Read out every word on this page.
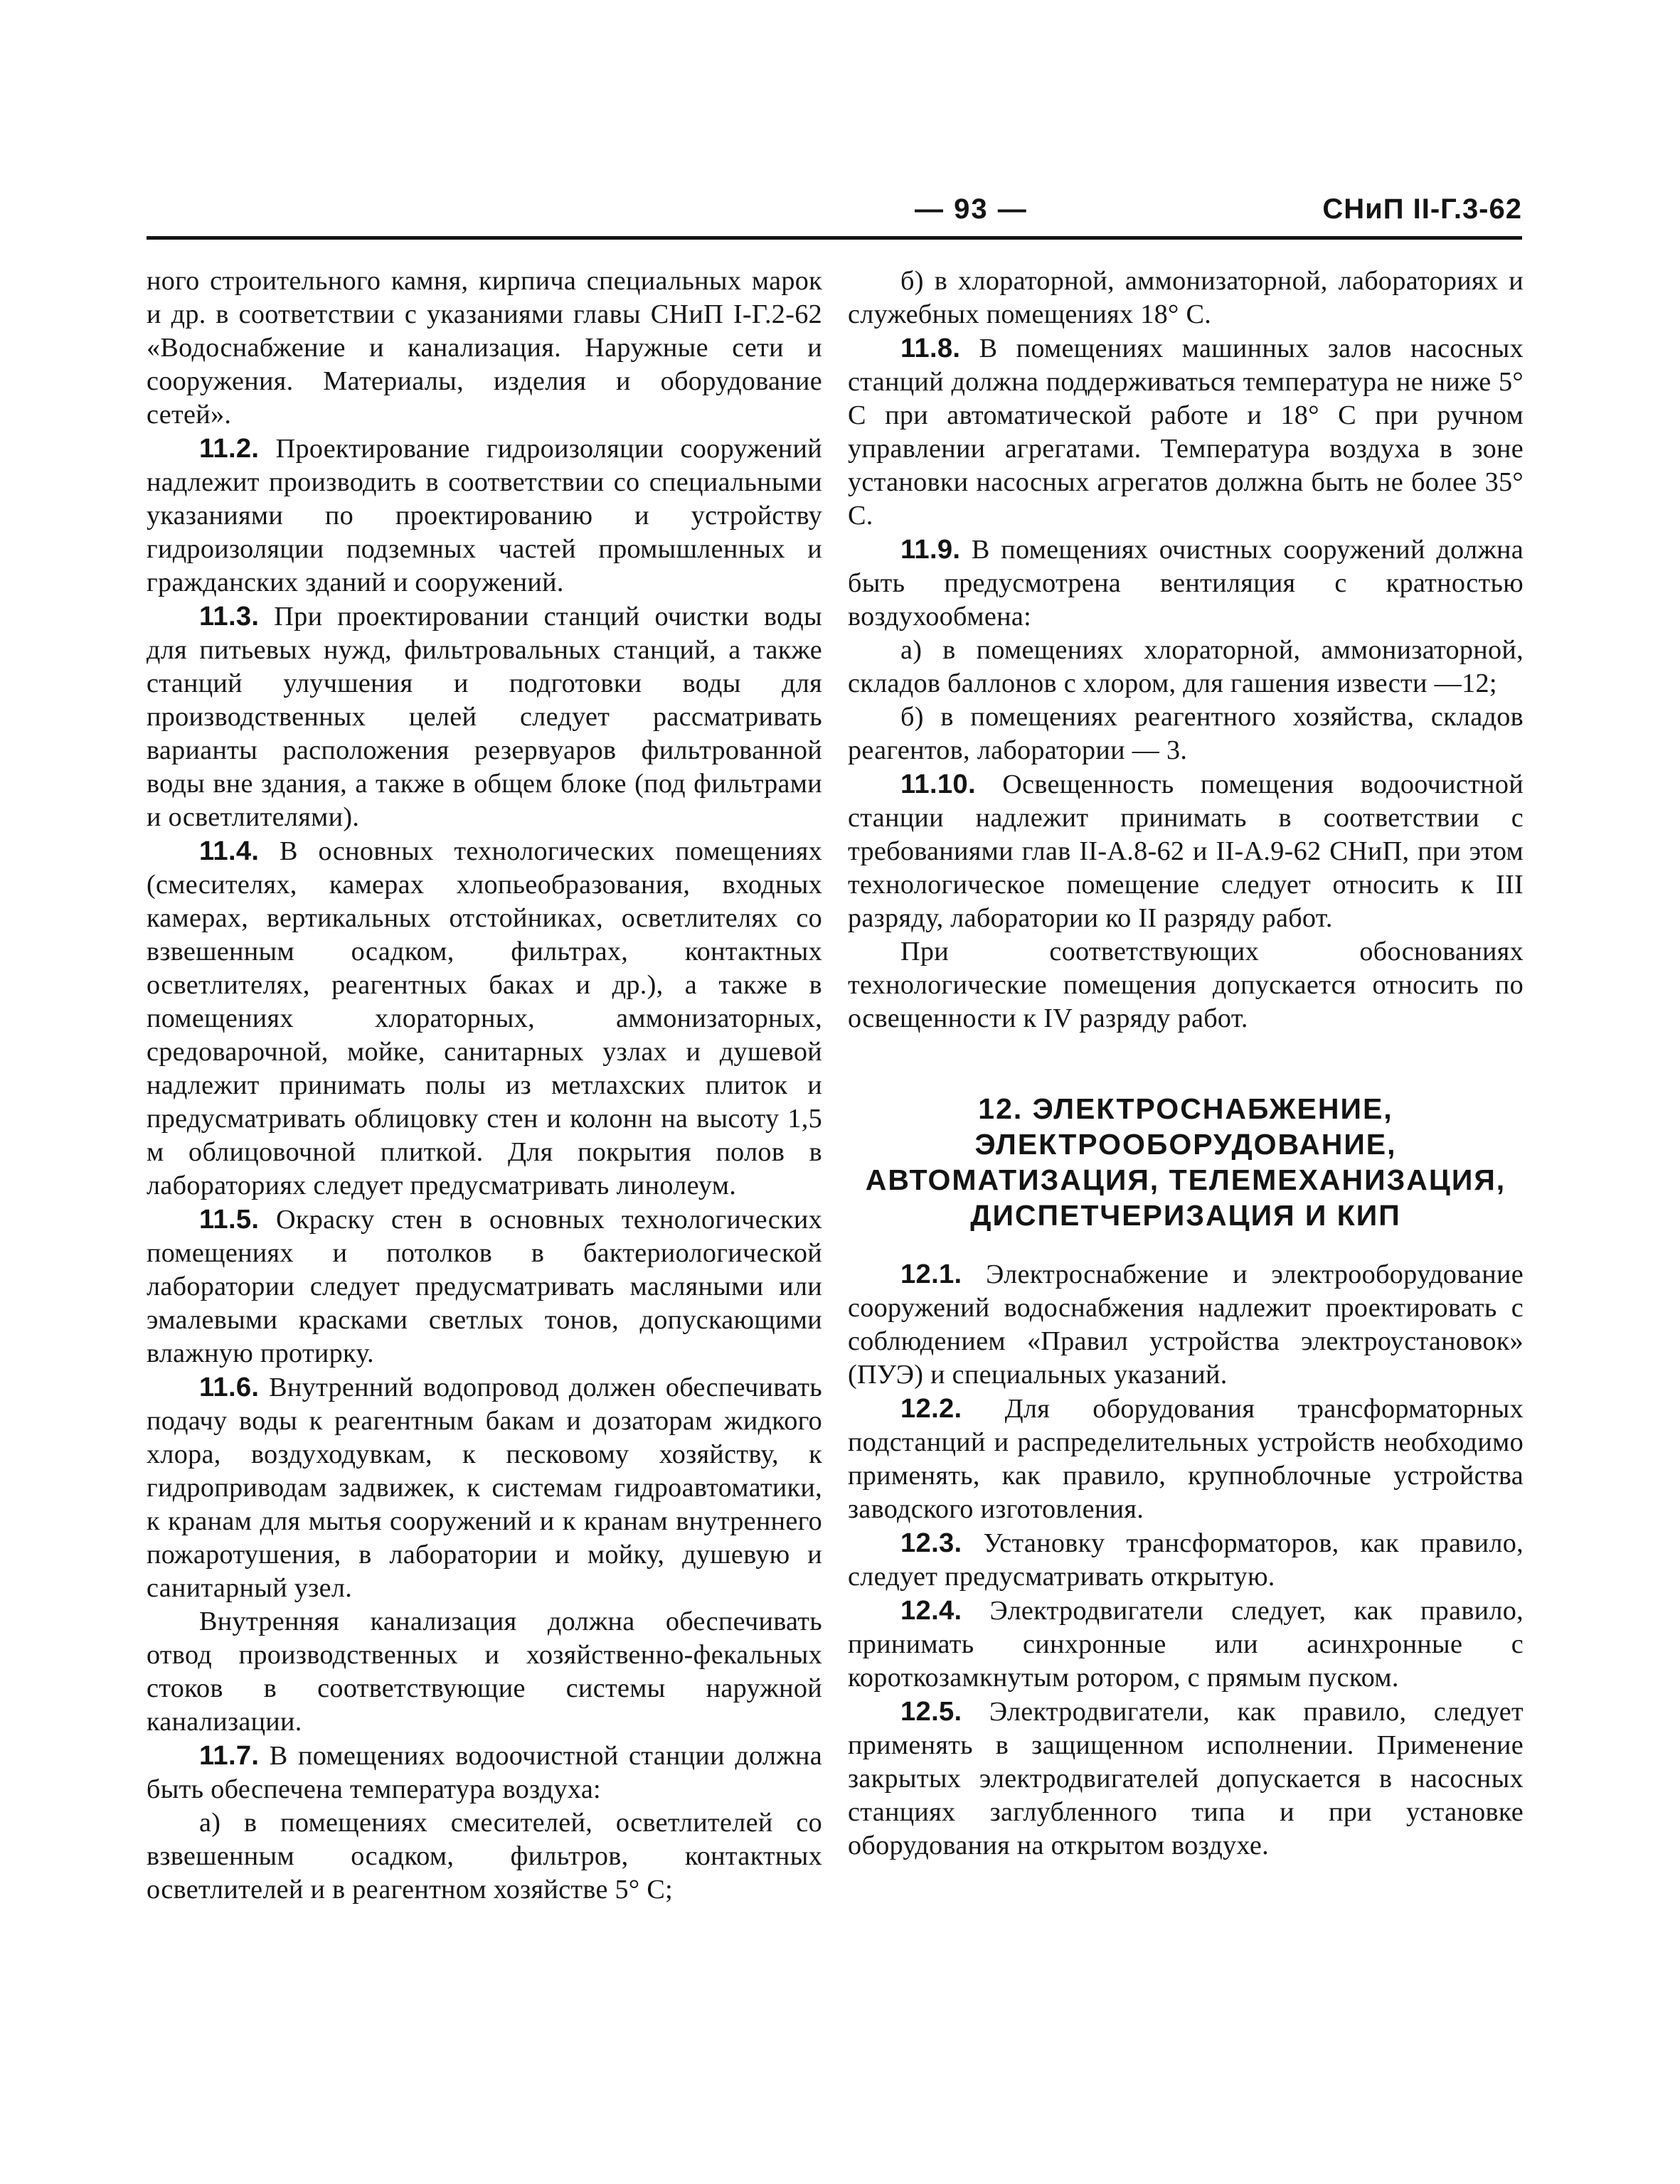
— 93 —	СНиП II-Г.3-62

ного строительного камня, кирпича специальных марок и др. в соответствии с указаниями главы СНиП I-Г.2-62 «Водоснабжение и канализация. Наружные сети и сооружения. Материалы, изделия и оборудование сетей».

11.2. Проектирование гидроизоляции сооружений надлежит производить в соответствии со специальными указаниями по проектированию и устройству гидроизоляции подземных частей промышленных и гражданских зданий и сооружений.

11.3. При проектировании станций очистки воды для питьевых нужд, фильтровальных станций, а также станций улучшения и подготовки воды для производственных целей следует рассматривать варианты расположения резервуаров фильтрованной воды вне здания, а также в общем блоке (под фильтрами и осветлителями).

11.4. В основных технологических помещениях (смесителях, камерах хлопьеобразования, входных камерах, вертикальных отстойниках, осветлителях со взвешенным осадком, фильтрах, контактных осветлителях, реагентных баках и др.), а также в помещениях хлораторных, аммонизаторных, средоварочной, мойке, санитарных узлах и душевой надлежит принимать полы из метлахских плиток и предусматривать облицовку стен и колонн на высоту 1,5 м облицовочной плиткой. Для покрытия полов в лабораториях следует предусматривать линолеум.

11.5. Окраску стен в основных технологических помещениях и потолков в бактериологической лаборатории следует предусматривать масляными или эмалевыми красками светлых тонов, допускающими влажную протирку.

11.6. Внутренний водопровод должен обеспечивать подачу воды к реагентным бакам и дозаторам жидкого хлора, воздуходувкам, к песковому хозяйству, к гидроприводам задвижек, к системам гидроавтоматики, к кранам для мытья сооружений и к кранам внутреннего пожаротушения, в лаборатории и мойку, душевую и санитарный узел.

Внутренняя канализация должна обеспечивать отвод производственных и хозяйственно-фекальных стоков в соответствующие системы наружной канализации.

11.7. В помещениях водоочистной станции должна быть обеспечена температура воздуха:

а) в помещениях смесителей, осветлителей со взвешенным осадком, фильтров, контактных осветлителей и в реагентном хозяйстве 5° С;

б) в хлораторной, аммонизаторной, лабораториях и служебных помещениях 18° С.

11.8. В помещениях машинных залов насосных станций должна поддерживаться температура не ниже 5° С при автоматической работе и 18° С при ручном управлении агрегатами. Температура воздуха в зоне установки насосных агрегатов должна быть не более 35° С.

11.9. В помещениях очистных сооружений должна быть предусмотрена вентиляция с кратностью воздухообмена:

а) в помещениях хлораторной, аммонизаторной, складов баллонов с хлором, для гашения извести —12;

б) в помещениях реагентного хозяйства, складов реагентов, лаборатории — 3.

11.10. Освещенность помещения водоочистной станции надлежит принимать в соответствии с требованиями глав II-А.8-62 и II-А.9-62 СНиП, при этом технологическое помещение следует относить к III разряду, лаборатории ко II разряду работ.

При соответствующих обоснованиях технологические помещения допускается относить по освещенности к IV разряду работ.

12. ЭЛЕКТРОСНАБЖЕНИЕ,
ЭЛЕКТРООБОРУДОВАНИЕ,
АВТОМАТИЗАЦИЯ, ТЕЛЕМЕХАНИЗАЦИЯ,
ДИСПЕТЧЕРИЗАЦИЯ И КИП

12.1. Электроснабжение и электрооборудование сооружений водоснабжения надлежит проектировать с соблюдением «Правил устройства электроустановок» (ПУЭ) и специальных указаний.

12.2. Для оборудования трансформаторных подстанций и распределительных устройств необходимо применять, как правило, крупноблочные устройства заводского изготовления.

12.3. Установку трансформаторов, как правило, следует предусматривать открытую.

12.4. Электродвигатели следует, как правило, принимать синхронные или асинхронные с короткозамкнутым ротором, с прямым пуском.

12.5. Электродвигатели, как правило, следует применять в защищенном исполнении. Применение закрытых электродвигателей допускается в насосных станциях заглубленного типа и при установке оборудования на открытом воздухе.
